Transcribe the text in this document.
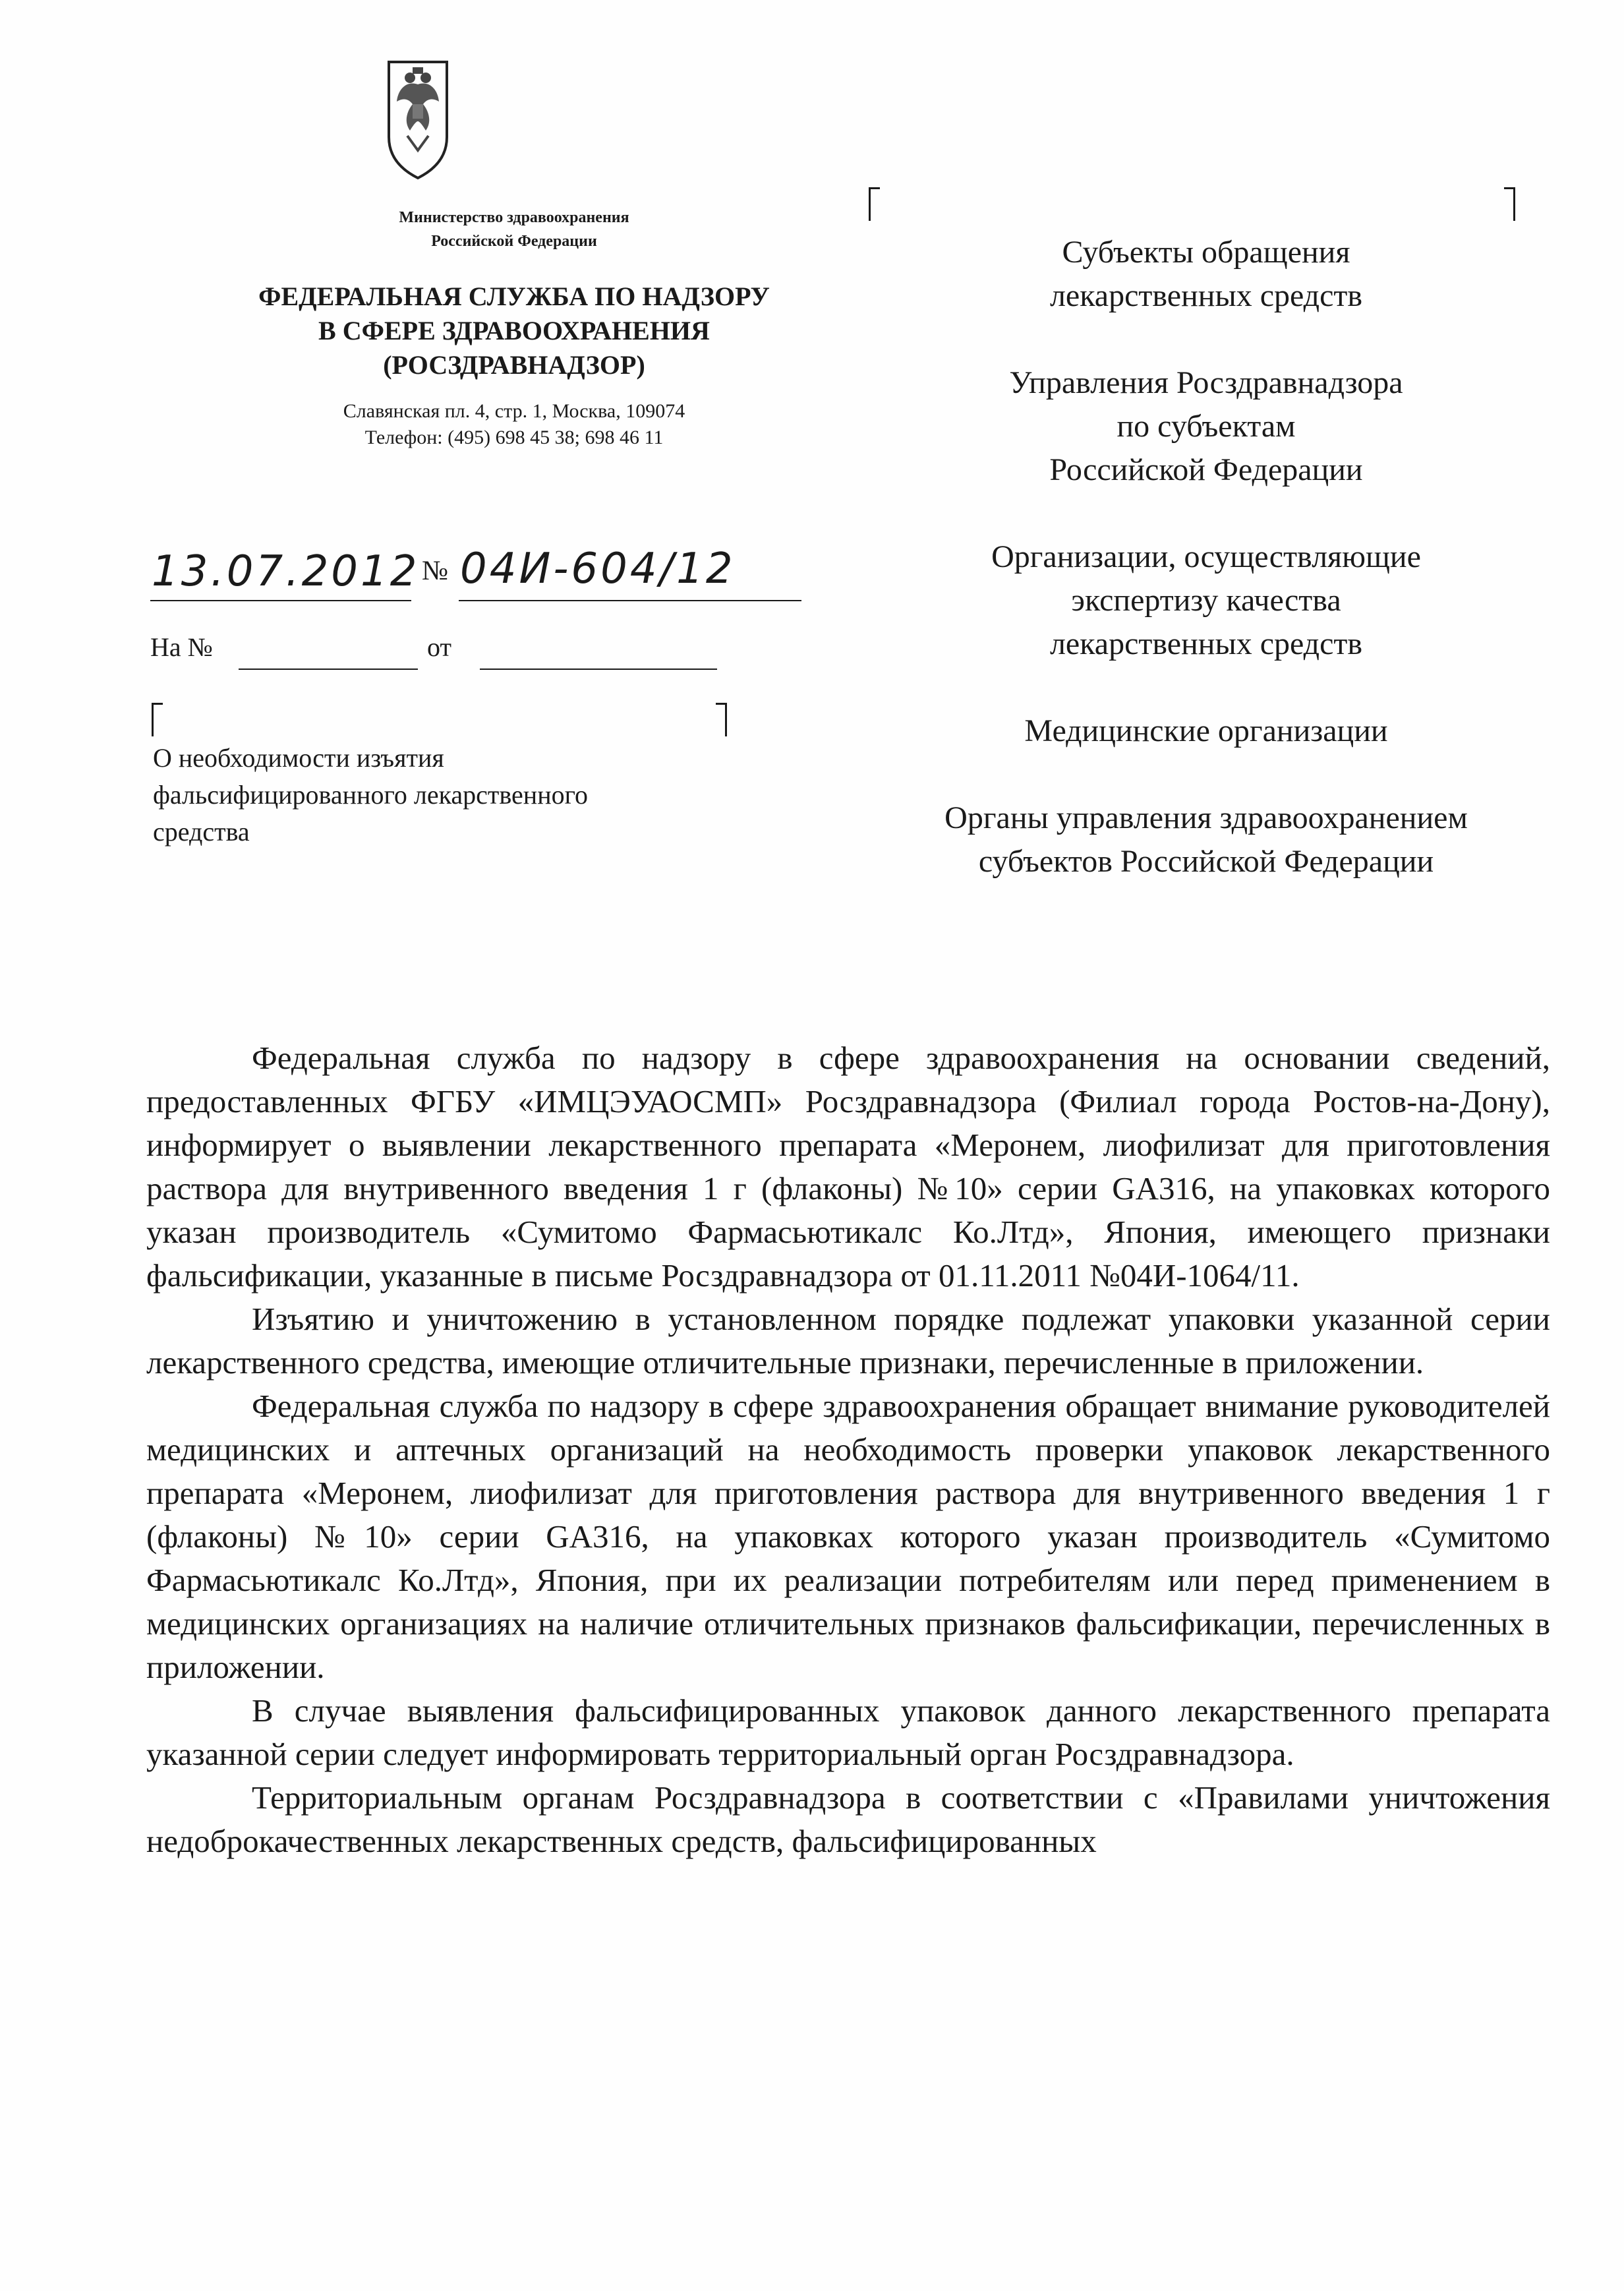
Министерство здравоохранения
Российской Федерации
ФЕДЕРАЛЬНАЯ СЛУЖБА ПО НАДЗОРУ
В СФЕРЕ ЗДРАВООХРАНЕНИЯ
(РОСЗДРАВНАДЗОР)
Славянская пл. 4, стр. 1, Москва, 109074
Телефон: (495) 698 45 38; 698 46 11
13.07.2012 № 04И-604/12
На №	от
О необходимости изъятия
фальсифицированного лекарственного
средства
Субъекты обращения
лекарственных средств
Управления Росздравнадзора
по субъектам
Российской Федерации
Организации, осуществляющие
экспертизу качества
лекарственных средств
Медицинские организации
Органы управления здравоохранением
субъектов Российской Федерации

Федеральная служба по надзору в сфере здравоохранения на основании сведений, предоставленных ФГБУ «ИМЦЭУАОСМП» Росздравнадзора (Филиал города Ростов-на-Дону), информирует о выявлении лекарственного препарата «Меронем, лиофилизат для приготовления раствора для внутривенного введения 1 г (флаконы) №10» серии GA316, на упаковках которого указан производитель «Сумитомо Фармасьютикалс Ко.Лтд», Япония, имеющего признаки фальсификации, указанные в письме Росздравнадзора от 01.11.2011 №04И-1064/11.

Изъятию и уничтожению в установленном порядке подлежат упаковки указанной серии лекарственного средства, имеющие отличительные признаки, перечисленные в приложении.

Федеральная служба по надзору в сфере здравоохранения обращает внимание руководителей медицинских и аптечных организаций на необходимость проверки упаковок лекарственного препарата «Меронем, лиофилизат для приготовления раствора для внутривенного введения 1 г (флаконы) №10» серии GA316, на упаковках которого указан производитель «Сумитомо Фармасьютикалс Ко.Лтд», Япония, при их реализации потребителям или перед применением в медицинских организациях на наличие отличительных признаков фальсификации, перечисленных в приложении.

В случае выявления фальсифицированных упаковок данного лекарственного препарата указанной серии следует информировать территориальный орган Росздравнадзора.

Территориальным органам Росздравнадзора в соответствии с «Правилами уничтожения недоброкачественных лекарственных средств, фальсифицированных
